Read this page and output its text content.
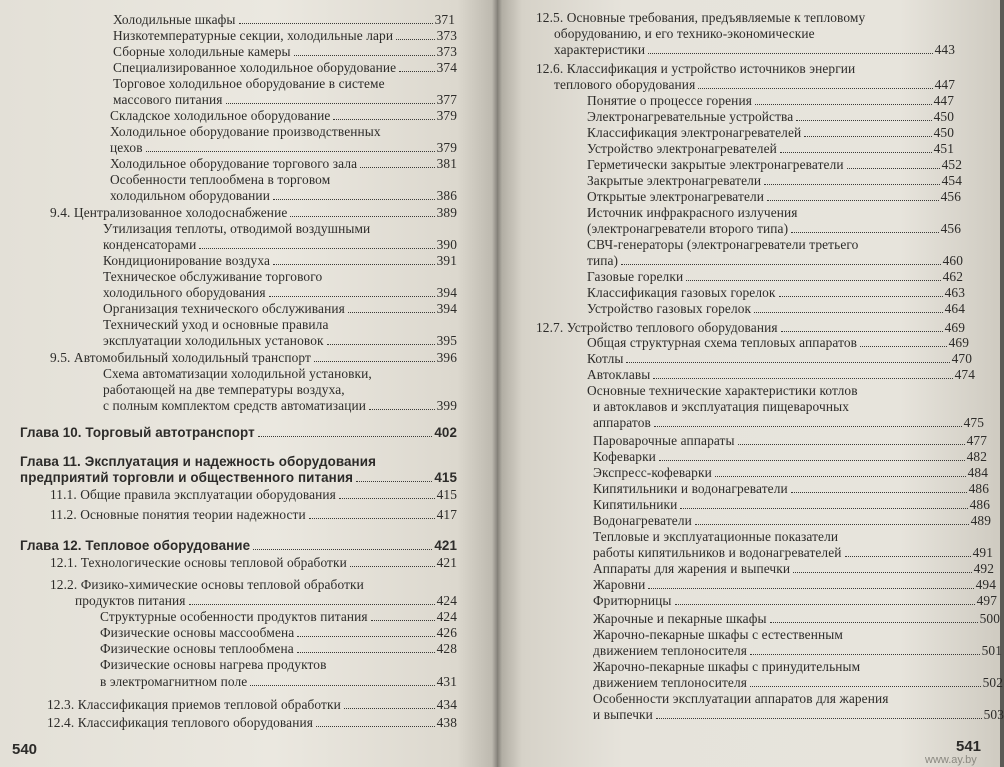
Холодильные шкафы	371
Низкотемпературные секции, холодильные лари	373
Сборные холодильные камеры	373
Специализированное холодильное оборудование	374
Торговое холодильное оборудование в системе
массового питания	377
Складское холодильное оборудование	379
Холодильное оборудование производственных
цехов	379
Холодильное оборудование торгового зала	381
Особенности теплообмена в торговом
холодильном оборудовании	386
9.4. Централизованное холодоснабжение	389
Утилизация теплоты, отводимой воздушными
конденсаторами	390
Кондиционирование воздуха	391
Техническое обслуживание торгового
холодильного оборудования	394
Организация технического обслуживания	394
Технический уход и основные правила
эксплуатации холодильных установок	395
9.5. Автомобильный холодильный транспорт	396
Схема автоматизации холодильной установки,
работающей на две температуры воздуха,
с полным комплектом средств автоматизации	399
Глава 10. Торговый автотранспорт	402
Глава 11. Эксплуатация и надежность оборудования
предприятий торговли и общественного питания	415
11.1. Общие правила эксплуатации оборудования	415
11.2. Основные понятия теории надежности	417
Глава 12. Тепловое оборудование	421
12.1. Технологические основы тепловой обработки	421
12.2. Физико-химические основы тепловой обработки
продуктов питания	424
Структурные особенности продуктов питания	424
Физические основы массообмена	426
Физические основы теплообмена	428
Физические основы нагрева продуктов
в электромагнитном поле	431
12.3. Классификация приемов тепловой обработки	434
12.4. Классификация теплового оборудования	438
540
12.5. Основные требования, предъявляемые к тепловому
оборудованию, и его технико-экономические
характеристики	443
12.6. Классификация и устройство источников энергии
теплового оборудования	447
Понятие о процессе горения	447
Электронагревательные устройства	450
Классификация электронагревателей	450
Устройство электронагревателей	451
Герметически закрытые электронагреватели	452
Закрытые электронагреватели	454
Открытые электронагреватели	456
Источник инфракрасного излучения
(электронагреватели второго типа)	456
СВЧ-генераторы (электронагреватели третьего
типа)	460
Газовые горелки	462
Классификация газовых горелок	463
Устройство газовых горелок	464
12.7. Устройство теплового оборудования	469
Общая структурная схема тепловых аппаратов	469
Котлы	470
Автоклавы	474
Основные технические характеристики котлов
и автоклавов и эксплуатация пищеварочных
аппаратов	475
Пароварочные аппараты	477
Кофеварки	482
Экспресс-кофеварки	484
Кипятильники и водонагреватели	486
Кипятильники	486
Водонагреватели	489
Тепловые и эксплуатационные показатели
работы кипятильников и водонагревателей	491
Аппараты для жарения и выпечки	492
Жаровни	494
Фритюрницы	497
Жарочные и пекарные шкафы	500
Жарочно-пекарные шкафы с естественным
движением теплоносителя	501
Жарочно-пекарные шкафы с принудительным
движением теплоносителя	502
Особенности эксплуатации аппаратов для жарения
и выпечки	503
541
www.ay.by
